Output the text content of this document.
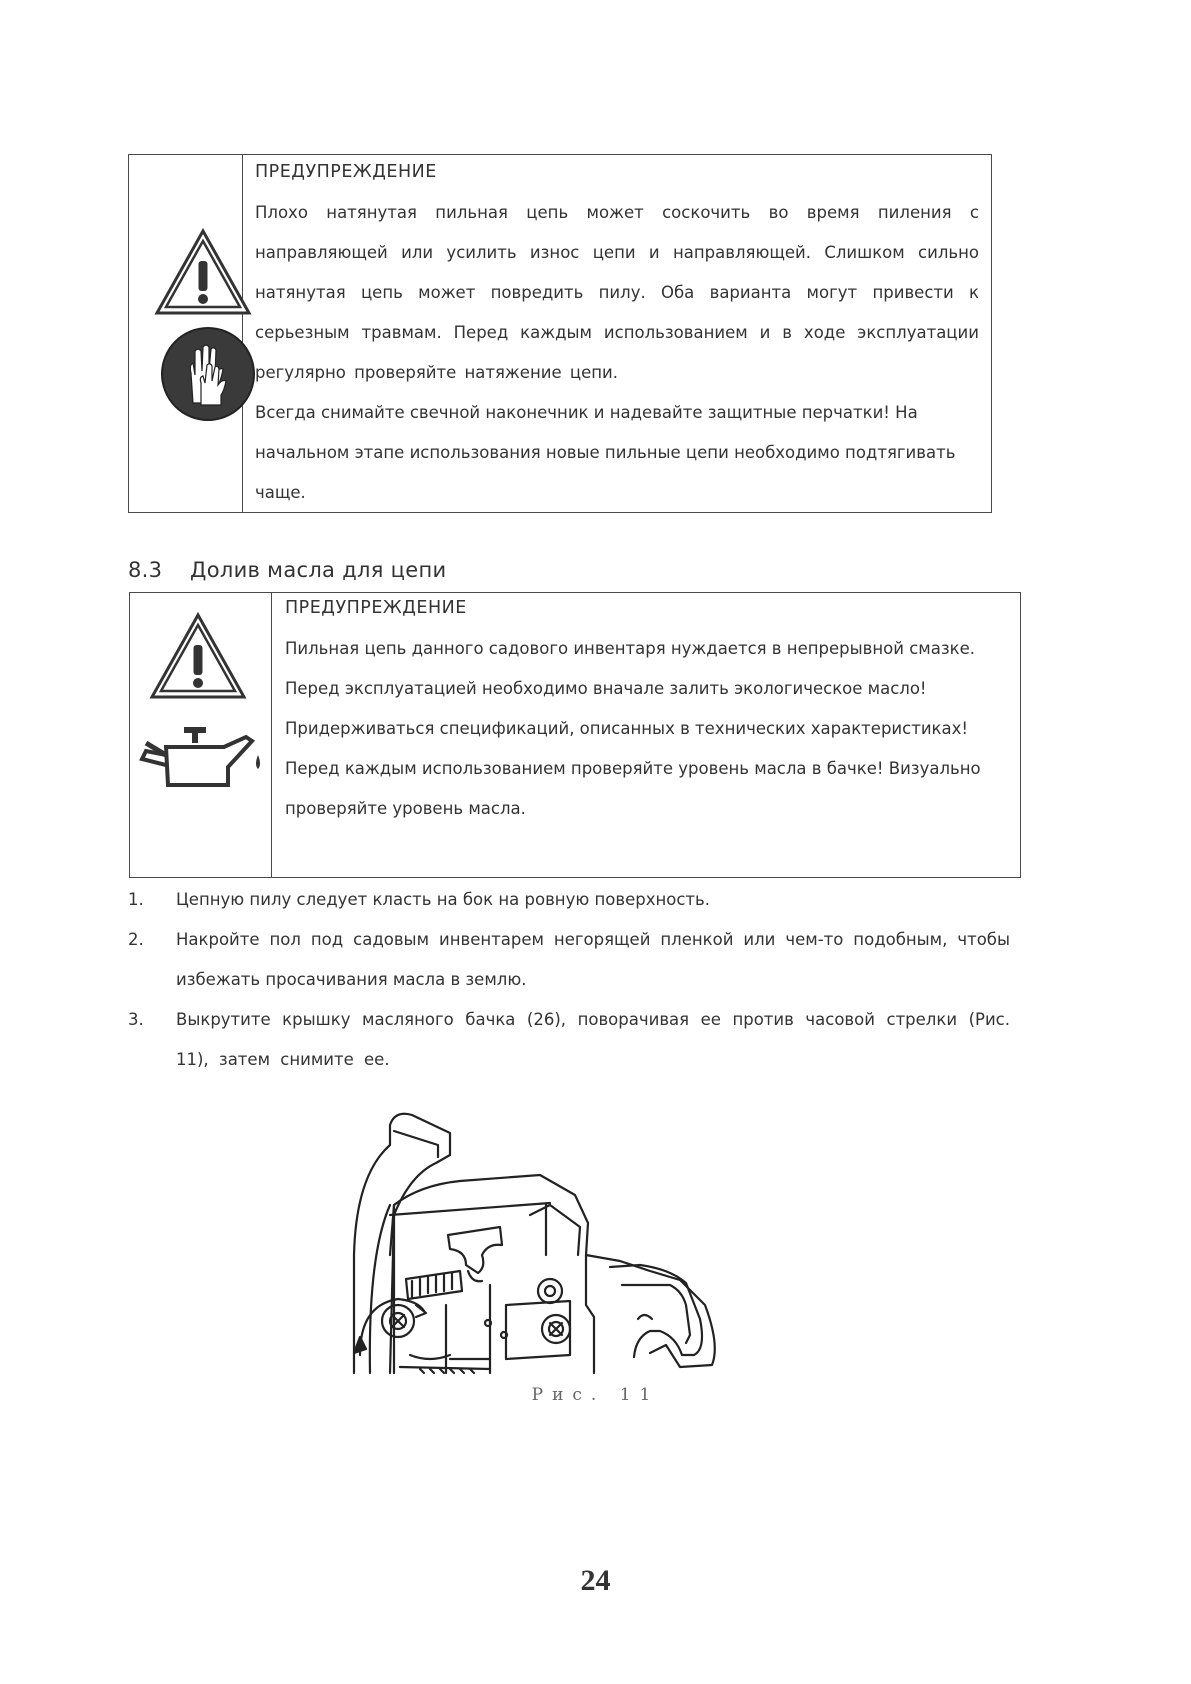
ПРЕДУПРЕЖДЕНИЕ
Плохо натянутая пильная цепь может соскочить во время пиления с направляющей или усилить износ цепи и направляющей. Слишком сильно натянутая цепь может повредить пилу. Оба варианта могут привести к серьезным травмам. Перед каждым использованием и в ходе эксплуатации регулярно проверяйте натяжение цепи.
Всегда снимайте свечной наконечник и надевайте защитные перчатки! На начальном этапе использования новые пильные цепи необходимо подтягивать чаще.
8.3 Долив масла для цепи
ПРЕДУПРЕЖДЕНИЕ
Пильная цепь данного садового инвентаря нуждается в непрерывной смазке. Перед эксплуатацией необходимо вначале залить экологическое масло! Придерживаться спецификаций, описанных в технических характеристиках! Перед каждым использованием проверяйте уровень масла в бачке! Визуально проверяйте уровень масла.
1.	Цепную пилу следует класть на бок на ровную поверхность.
2.	Накройте пол под садовым инвентарем негорящей пленкой или чем-то подобным, чтобы избежать просачивания масла в землю.
3.	Выкрутите крышку масляного бачка (26), поворачивая ее против часовой стрелки (Рис. 11), затем снимите ее.
Рис. 11
24
